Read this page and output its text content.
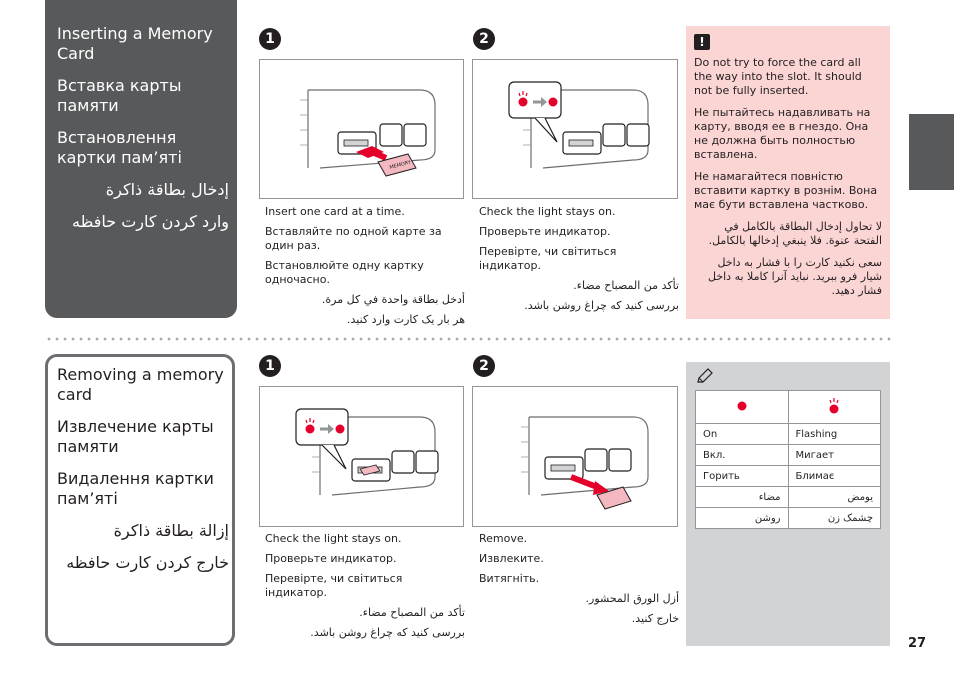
Inserting a Memory Card
Вставка карты памяти
Встановлення картки пам’яті
إدخال بطاقة ذاكرة
وارد کردن کارت حافظه
1
MEMORY

Insert one card at a time.

Вставляйте по одной карте за один раз.

Встановлюйте одну картку одночасно.

أدخل بطاقة واحدة في كل مرة.

هر بار یک کارت وارد کنید.

2

Check the light stays on.

Проверьте индикатор.

Перевірте, чи світиться індикатор.

تأكد من المصباح مضاء.

بررسی کنید که چراغ روشن باشد.

!

Do not try to force the card all the way into the slot. It should not be fully inserted.

Не пытайтесь надавливать на карту, вводя ее в гнездо. Она не должна быть полностью вставлена.

Не намагайтеся повністю вставити картку в рознім. Вона має бути вставлена частково.

لا تحاول إدخال البطاقة بالكامل في الفتحة عنوة. فلا ينبغي إدخالها بالكامل.

سعی نکنید کارت را با فشار به داخل شیار فرو ببرید. نباید آنرا کاملا به داخل فشار دهید.

Removing a memory card
Извлечение карты памяти
Видалення картки пам’яті
إزالة بطاقة ذاكرة
خارج کردن کارت حافظه
1

Check the light stays on.

Проверьте индикатор.

Перевірте, чи світиться індикатор.

تأكد من المصباح مضاء.

بررسی کنید که چراغ روشن باشد.

2

Remove.

Извлеките.

Витягніть.

أزل الورق المحشور.

خارج کنید.

On	Flashing
Вкл.	Мигает
Горить	Блимає
مضاء	يومض
روشن	چشمک زن
27
